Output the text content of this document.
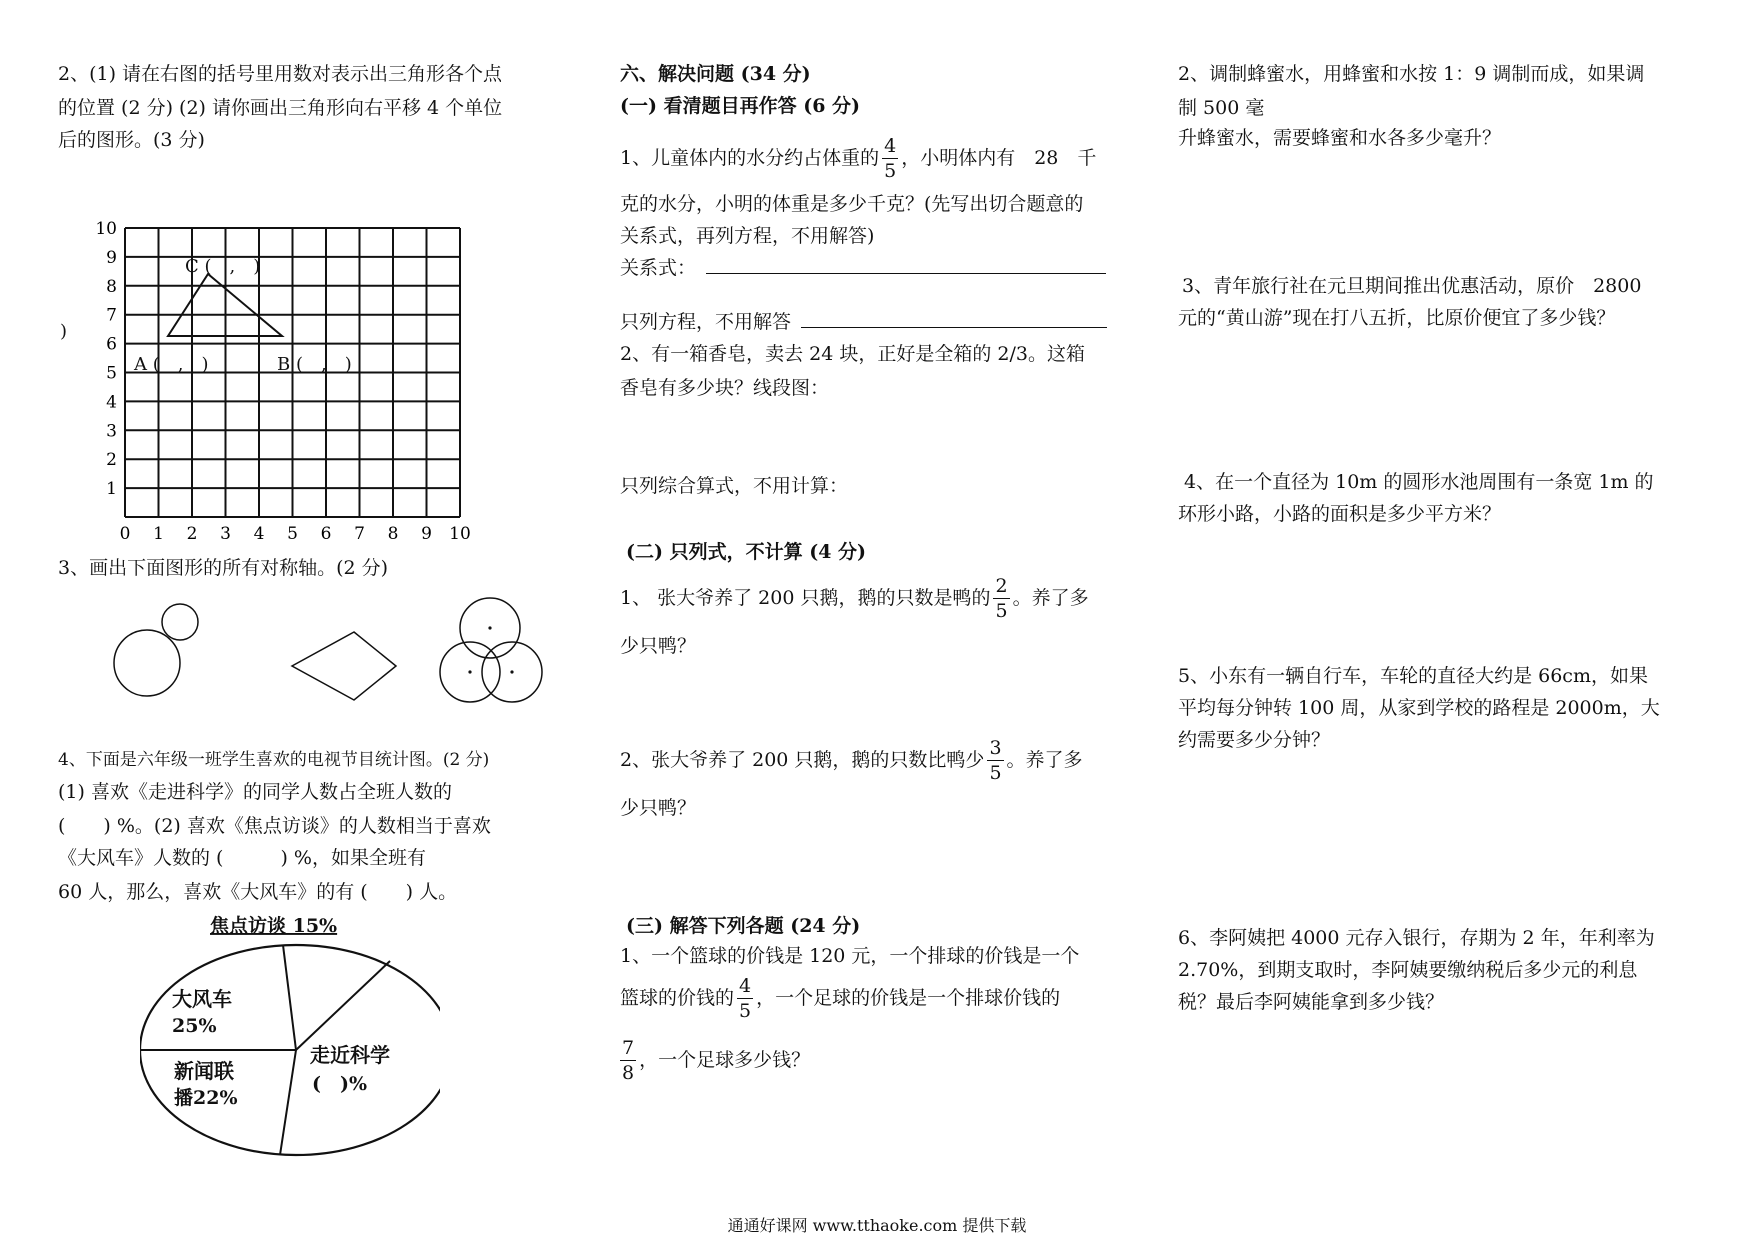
2、(1) 请在右图的括号里用数对表示出三角形各个点
的位置 (2 分) (2) 请你画出三角形向右平移 4 个单位
后的图形。(3 分)
10
9
8
7
6
5
4
3
2
1
0 1 2 3 4 5 6 7 8 9 10
C (　,　)
A (　,　)	B (　,　)
)
3、画出下面图形的所有对称轴。(2 分)
4、下面是六年级一班学生喜欢的电视节目统计图。(2 分)
(1) 喜欢《走进科学》的同学人数占全班人数的
(　　) %。(2) 喜欢《焦点访谈》的人数相当于喜欢
《大风车》人数的 (　　　) %，如果全班有
60 人，那么，喜欢《大风车》的有 (　　) 人。
焦点访谈 15%
大风车
25%
新闻联
播22%
走近科学
(　)%
六、解决问题 (34 分)
(一) 看清题目再作答 (6 分)
1、儿童体内的水分约占体重的 $\frac{4}{5}$ ，小明体内有　28　千
克的水分，小明的体重是多少千克？(先写出切合题意的
关系式，再列方程，不用解答)
关系式：
只列方程，不用解答
2、有一箱香皂，卖去 24 块，正好是全箱的 2/3。这箱
香皂有多少块？线段图：
只列综合算式，不用计算：
(二) 只列式，不计算 (4 分)
1、 张大爷养了 200 只鹅，鹅的只数是鸭的 $\frac{2}{5}$ 。养了多
少只鸭？
2、张大爷养了 200 只鹅，鹅的只数比鸭少 $\frac{3}{5}$ 。养了多
少只鸭？
(三) 解答下列各题 (24 分)
1、一个篮球的价钱是 120 元，一个排球的价钱是一个
篮球的价钱的 $\frac{4}{5}$ ，一个足球的价钱是一个排球价钱的
$\frac{7}{8}$ ，一个足球多少钱？
2、调制蜂蜜水，用蜂蜜和水按 1：9 调制而成，如果调
制 500 毫
升蜂蜜水，需要蜂蜜和水各多少毫升？
3、青年旅行社在元旦期间推出优惠活动，原价　2800
元的“黄山游”现在打八五折，比原价便宜了多少钱？
4、在一个直径为 10m 的圆形水池周围有一条宽 1m 的
环形小路，小路的面积是多少平方米？
5、小东有一辆自行车，车轮的直径大约是 66cm，如果
平均每分钟转 100 周，从家到学校的路程是 2000m，大
约需要多少分钟？
6、李阿姨把 4000 元存入银行，存期为 2 年，年利率为
2.70%，到期支取时，李阿姨要缴纳税后多少元的利息
税？最后李阿姨能拿到多少钱？
通通好课网 www.tthaoke.com 提供下载
